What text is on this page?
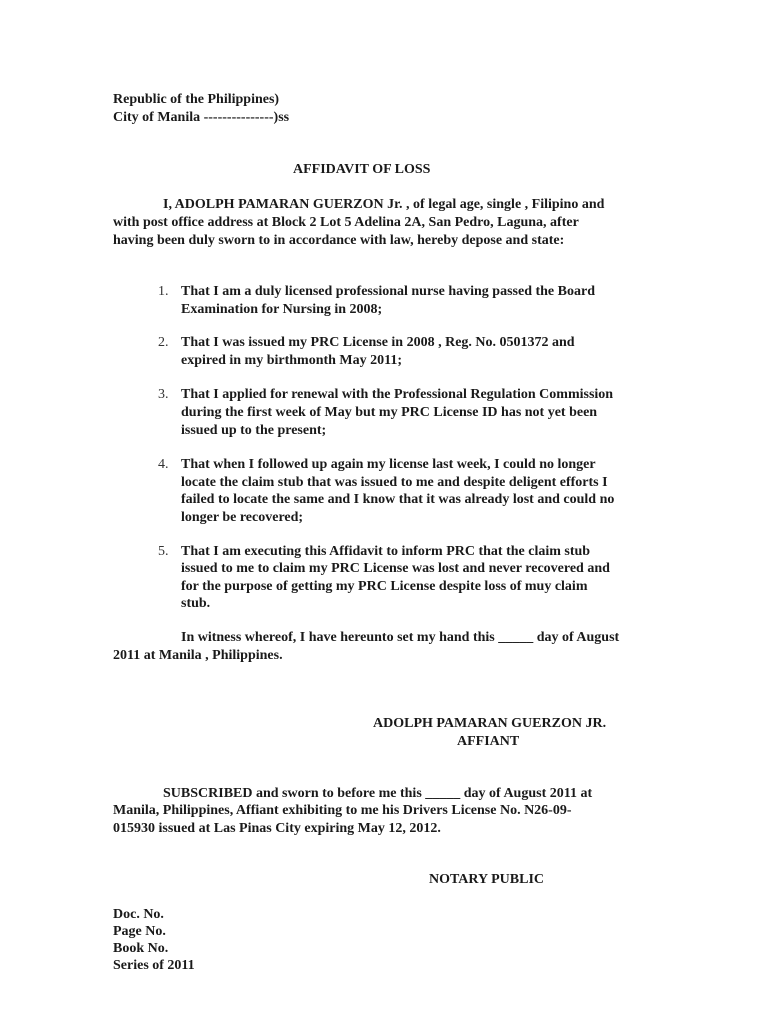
Republic of the Philippines)
City of Manila ---------------)ss
AFFIDAVIT OF LOSS
I, ADOLPH PAMARAN GUERZON Jr. , of legal age, single , Filipino and
with post office address at Block 2 Lot 5 Adelina 2A, San Pedro, Laguna, after
having been duly sworn to in accordance with law, hereby depose and state:
1. That I am a duly licensed professional nurse having passed the Board
Examination for Nursing in 2008;
2. That I was issued my PRC License in 2008 , Reg. No. 0501372 and
expired in my birthmonth May 2011;
3. That I applied for renewal with the Professional Regulation Commission
during the first week of May but my PRC License ID has not yet been
issued up to the present;
4. That when I followed up again my license last week, I could no longer
locate the claim stub that was issued to me and despite deligent efforts I
failed to locate the same and I know that it was already lost and could no
longer be recovered;
5. That I am executing this Affidavit to inform PRC that the claim stub
issued to me to claim my PRC License was lost and never recovered and
for the purpose of getting my PRC License despite loss of muy claim
stub.
In witness whereof, I have hereunto set my hand this _____ day of August
2011 at Manila , Philippines.
ADOLPH PAMARAN GUERZON JR.
AFFIANT
SUBSCRIBED and sworn to before me this _____ day of August 2011 at
Manila, Philippines, Affiant exhibiting to me his Drivers License No. N26-09-
015930 issued at Las Pinas City expiring May 12, 2012.
NOTARY PUBLIC
Doc. No.
Page No.
Book No.
Series of 2011
